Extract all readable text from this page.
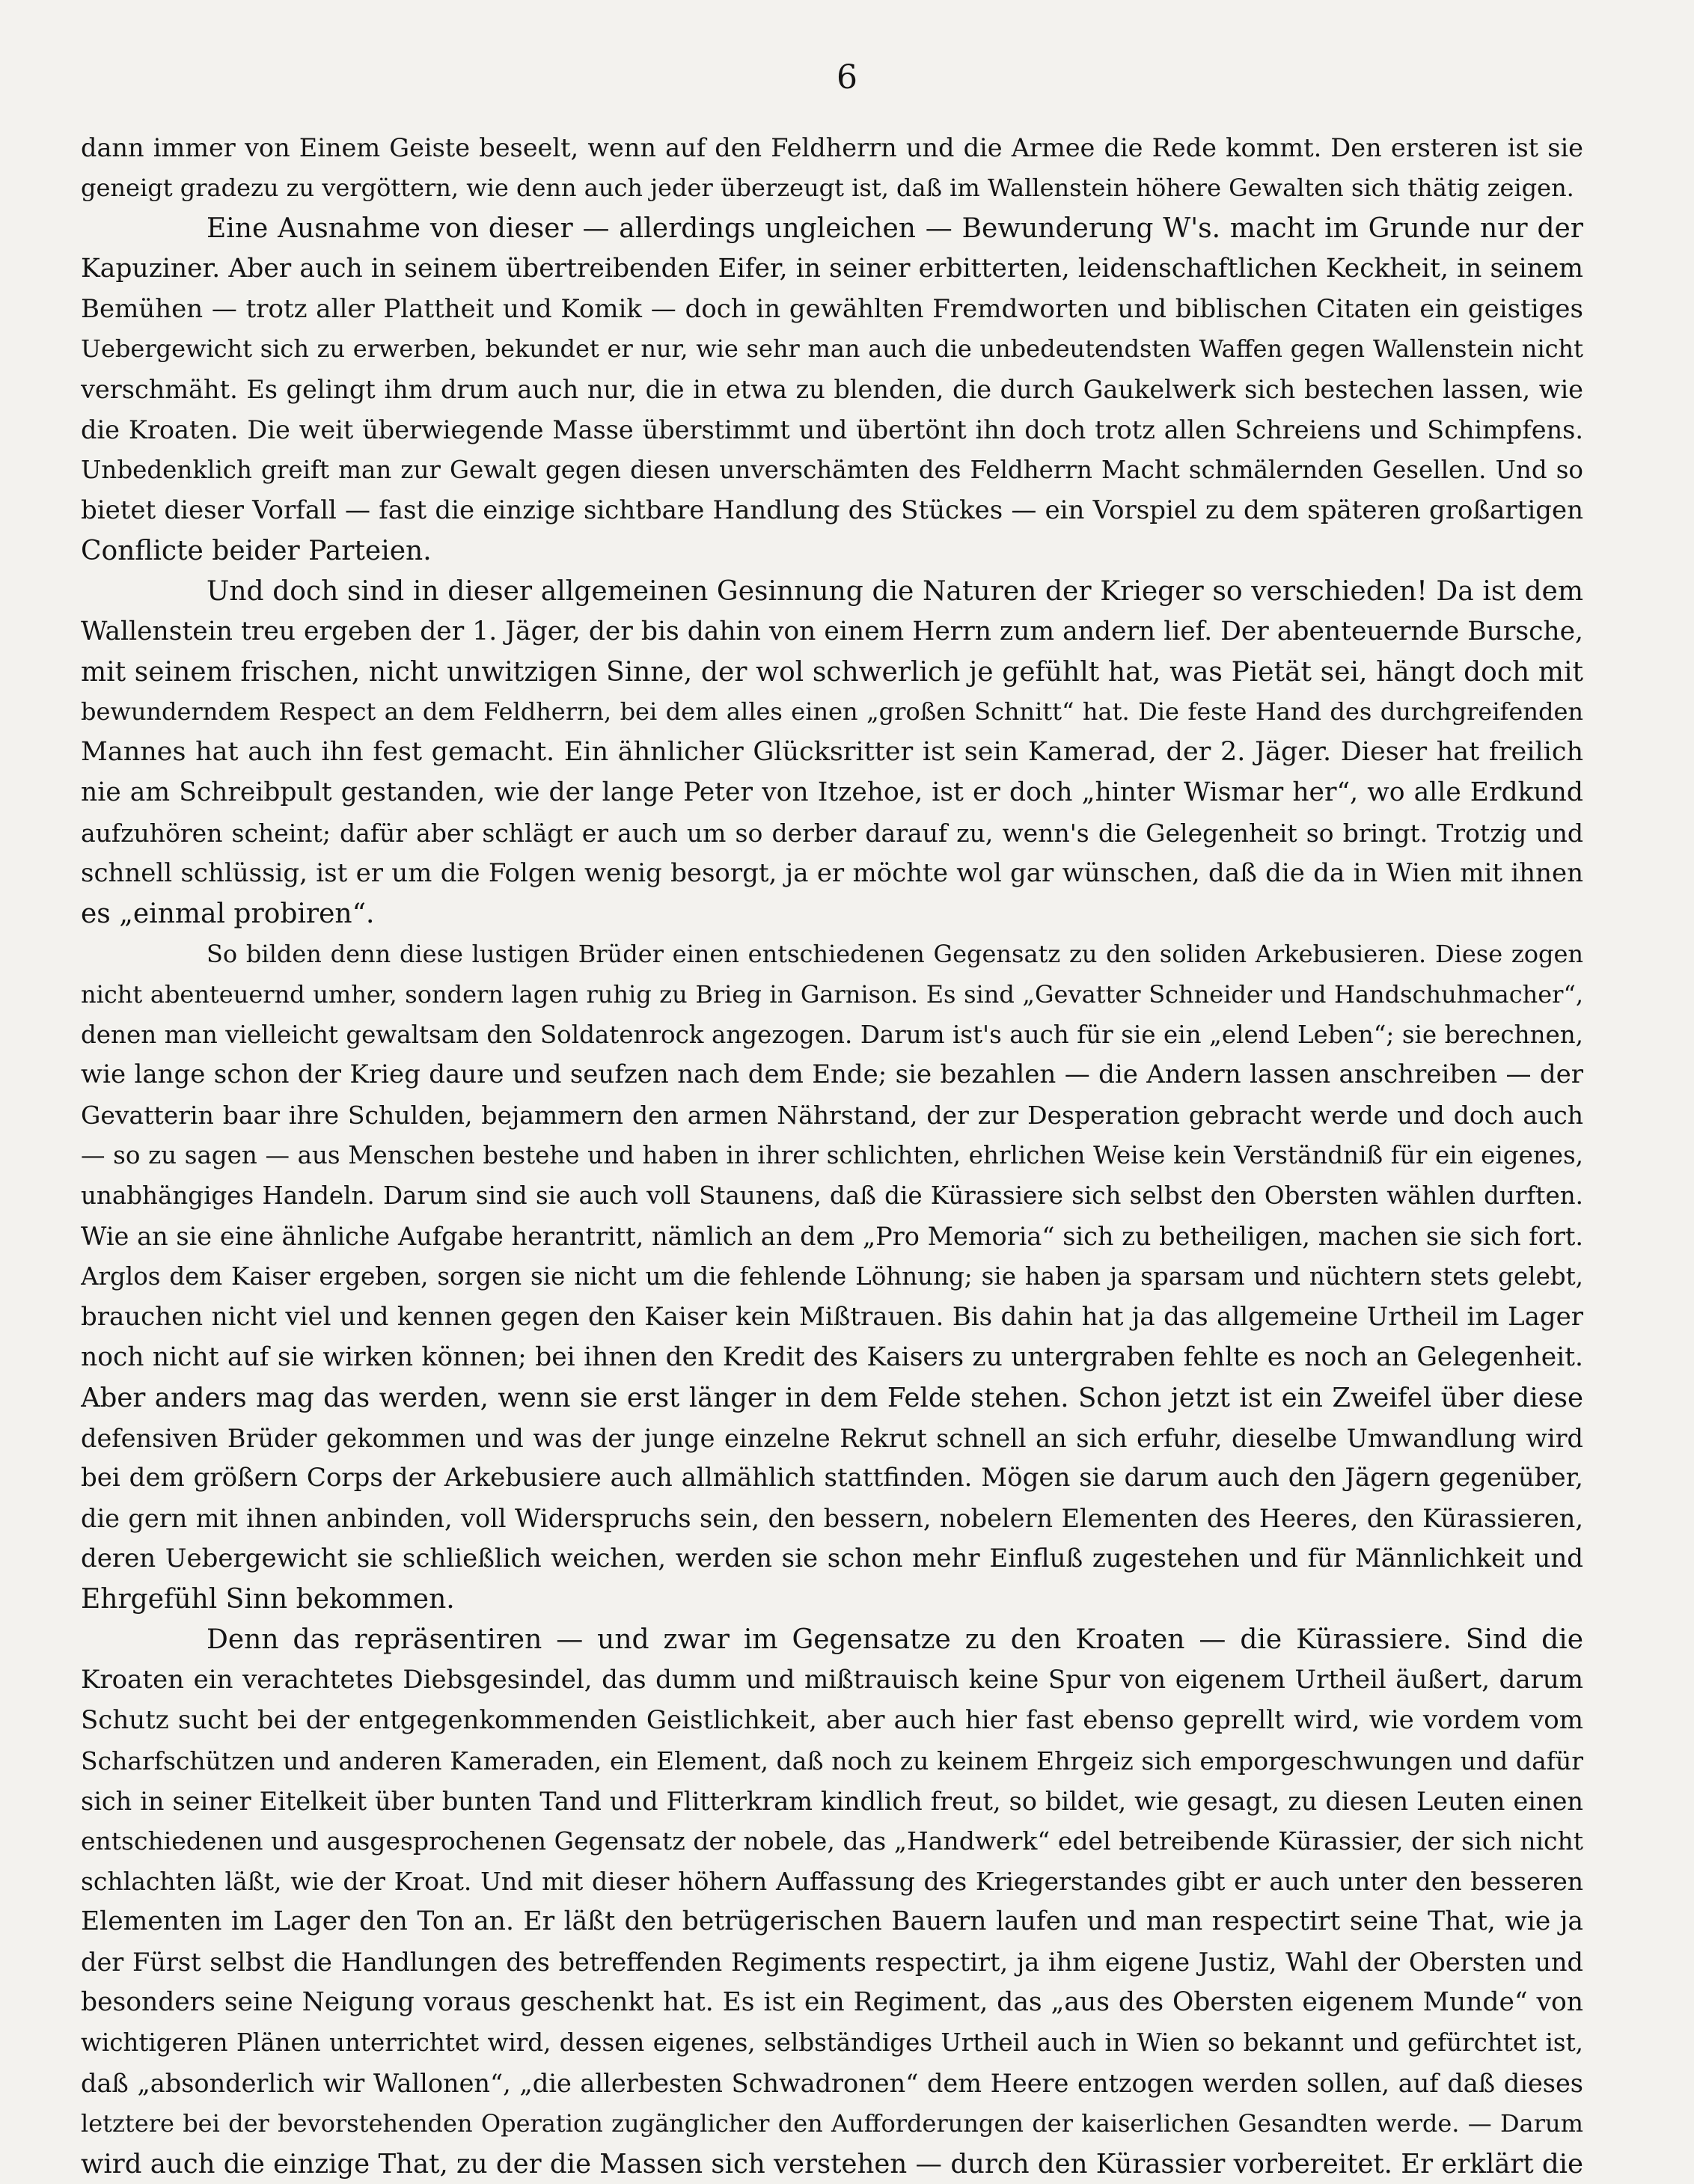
6
dann immer von Einem Geiste beseelt, wenn auf den Feldherrn und die Armee die Rede kommt. Den ersteren ist sie
geneigt gradezu zu vergöttern, wie denn auch jeder überzeugt ist, daß im Wallenstein höhere Gewalten sich thätig zeigen.
Eine Ausnahme von dieser — allerdings ungleichen — Bewunderung W's. macht im Grunde nur der
Kapuziner. Aber auch in seinem übertreibenden Eifer, in seiner erbitterten, leidenschaftlichen Keckheit, in seinem
Bemühen — trotz aller Plattheit und Komik — doch in gewählten Fremdworten und biblischen Citaten ein geistiges
Uebergewicht sich zu erwerben, bekundet er nur, wie sehr man auch die unbedeutendsten Waffen gegen Wallenstein nicht
verschmäht. Es gelingt ihm drum auch nur, die in etwa zu blenden, die durch Gaukelwerk sich bestechen lassen, wie
die Kroaten. Die weit überwiegende Masse überstimmt und übertönt ihn doch trotz allen Schreiens und Schimpfens.
Unbedenklich greift man zur Gewalt gegen diesen unverschämten des Feldherrn Macht schmälernden Gesellen. Und so
bietet dieser Vorfall — fast die einzige sichtbare Handlung des Stückes — ein Vorspiel zu dem späteren großartigen
Conflicte beider Parteien.
Und doch sind in dieser allgemeinen Gesinnung die Naturen der Krieger so verschieden! Da ist dem
Wallenstein treu ergeben der 1. Jäger, der bis dahin von einem Herrn zum andern lief. Der abenteuernde Bursche,
mit seinem frischen, nicht unwitzigen Sinne, der wol schwerlich je gefühlt hat, was Pietät sei, hängt doch mit
bewunderndem Respect an dem Feldherrn, bei dem alles einen „großen Schnitt“ hat. Die feste Hand des durchgreifenden
Mannes hat auch ihn fest gemacht. Ein ähnlicher Glücksritter ist sein Kamerad, der 2. Jäger. Dieser hat freilich
nie am Schreibpult gestanden, wie der lange Peter von Itzehoe, ist er doch „hinter Wismar her“, wo alle Erdkund
aufzuhören scheint; dafür aber schlägt er auch um so derber darauf zu, wenn's die Gelegenheit so bringt. Trotzig und
schnell schlüssig, ist er um die Folgen wenig besorgt, ja er möchte wol gar wünschen, daß die da in Wien mit ihnen
es „einmal probiren“.
So bilden denn diese lustigen Brüder einen entschiedenen Gegensatz zu den soliden Arkebusieren. Diese zogen
nicht abenteuernd umher, sondern lagen ruhig zu Brieg in Garnison. Es sind „Gevatter Schneider und Handschuhmacher“,
denen man vielleicht gewaltsam den Soldatenrock angezogen. Darum ist's auch für sie ein „elend Leben“; sie berechnen,
wie lange schon der Krieg daure und seufzen nach dem Ende; sie bezahlen — die Andern lassen anschreiben — der
Gevatterin baar ihre Schulden, bejammern den armen Nährstand, der zur Desperation gebracht werde und doch auch
— so zu sagen — aus Menschen bestehe und haben in ihrer schlichten, ehrlichen Weise kein Verständniß für ein eigenes,
unabhängiges Handeln. Darum sind sie auch voll Staunens, daß die Kürassiere sich selbst den Obersten wählen durften.
Wie an sie eine ähnliche Aufgabe herantritt, nämlich an dem „Pro Memoria“ sich zu betheiligen, machen sie sich fort.
Arglos dem Kaiser ergeben, sorgen sie nicht um die fehlende Löhnung; sie haben ja sparsam und nüchtern stets gelebt,
brauchen nicht viel und kennen gegen den Kaiser kein Mißtrauen. Bis dahin hat ja das allgemeine Urtheil im Lager
noch nicht auf sie wirken können; bei ihnen den Kredit des Kaisers zu untergraben fehlte es noch an Gelegenheit.
Aber anders mag das werden, wenn sie erst länger in dem Felde stehen. Schon jetzt ist ein Zweifel über diese
defensiven Brüder gekommen und was der junge einzelne Rekrut schnell an sich erfuhr, dieselbe Umwandlung wird
bei dem größern Corps der Arkebusiere auch allmählich stattfinden. Mögen sie darum auch den Jägern gegenüber,
die gern mit ihnen anbinden, voll Widerspruchs sein, den bessern, nobelern Elementen des Heeres, den Kürassieren,
deren Uebergewicht sie schließlich weichen, werden sie schon mehr Einfluß zugestehen und für Männlichkeit und
Ehrgefühl Sinn bekommen.
Denn das repräsentiren — und zwar im Gegensatze zu den Kroaten — die Kürassiere. Sind die
Kroaten ein verachtetes Diebsgesindel, das dumm und mißtrauisch keine Spur von eigenem Urtheil äußert, darum
Schutz sucht bei der entgegenkommenden Geistlichkeit, aber auch hier fast ebenso geprellt wird, wie vordem vom
Scharfschützen und anderen Kameraden, ein Element, daß noch zu keinem Ehrgeiz sich emporgeschwungen und dafür
sich in seiner Eitelkeit über bunten Tand und Flitterkram kindlich freut, so bildet, wie gesagt, zu diesen Leuten einen
entschiedenen und ausgesprochenen Gegensatz der nobele, das „Handwerk“ edel betreibende Kürassier, der sich nicht
schlachten läßt, wie der Kroat. Und mit dieser höhern Auffassung des Kriegerstandes gibt er auch unter den besseren
Elementen im Lager den Ton an. Er läßt den betrügerischen Bauern laufen und man respectirt seine That, wie ja
der Fürst selbst die Handlungen des betreffenden Regiments respectirt, ja ihm eigene Justiz, Wahl der Obersten und
besonders seine Neigung voraus geschenkt hat. Es ist ein Regiment, das „aus des Obersten eigenem Munde“ von
wichtigeren Plänen unterrichtet wird, dessen eigenes, selbständiges Urtheil auch in Wien so bekannt und gefürchtet ist,
daß „absonderlich wir Wallonen“, „die allerbesten Schwadronen“ dem Heere entzogen werden sollen, auf daß dieses
letztere bei der bevorstehenden Operation zugänglicher den Aufforderungen der kaiserlichen Gesandten werde. — Darum
wird auch die einzige That, zu der die Massen sich verstehen — durch den Kürassier vorbereitet. Er erklärt die
